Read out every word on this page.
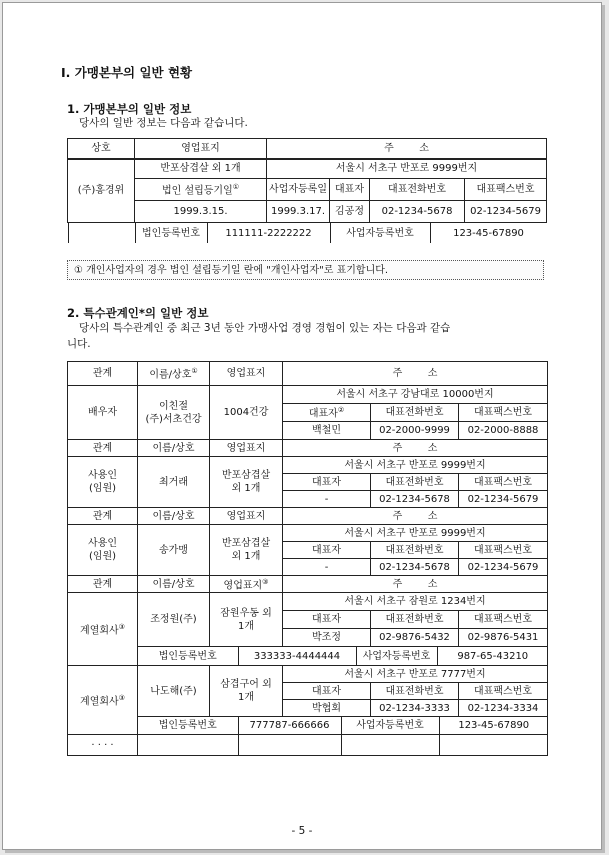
Ⅰ. 가맹본부의 일반 현황
1. 가맹본부의 일반 정보
당사의 일반 정보는 다음과 같습니다.
상호	영업표지	주        소
(주)홍경위	반포삼겹살 외 1개	서울시 서초구 반포로 9999번지
법인 설립등기일①	사업자등록일	대표자	대표전화번호	대표팩스번호
1999.3.15.	1999.3.17.	김공정	02-1234-5678	02-1234-5679

	법인등록번호	111111-2222222	사업자등록번호	123-45-67890
① 개인사업자의 경우 법인 설립등기일 란에 "개인사업자"로 표기합니다.
2. 특수관계인*의 일반 정보
당사의 특수관계인 중 최근 3년 동안 가맹사업 경영 경험이 있는 자는 다음과 같습
니다.
관계	이름/상호①	영업표지	주        소
배우자	이친절
(주)서초건강	1004건강	서울시 서초구 강남대로 10000번지
대표자②	대표전화번호	대표팩스번호
백철민	02-2000-9999	02-2000-8888
관계	이름/상호	영업표지	주        소
사용인
(임원)	최거래	반포삼겹살
외 1개	서울시 서초구 반포로 9999번지
대표자	대표전화번호	대표팩스번호
-	02-1234-5678	02-1234-5679
관계	이름/상호	영업표지	주        소
사용인
(임원)	송가맹	반포삼겹살
외 1개	서울시 서초구 반포로 9999번지
대표자	대표전화번호	대표팩스번호
-	02-1234-5678	02-1234-5679
관계	이름/상호	영업표지③	주        소
계열회사③	조정원(주)	잠원우동 외
1개	서울시 서초구 잠원로 1234번지
대표자	대표전화번호	대표팩스번호
박조정	02-9876-5432	02-9876-5431

법인등록번호	333333-4444444	사업자등록번호	987-65-43210

계열회사③	나도해(주)	삼겹구어 외
1개	서울시 서초구 반포로 7777번지
대표자	대표전화번호	대표팩스번호
박협회	02-1234-3333	02-1234-3334

법인등록번호	777787-666666	사업자등록번호	123-45-67890

· · · ·	

- 5 -
